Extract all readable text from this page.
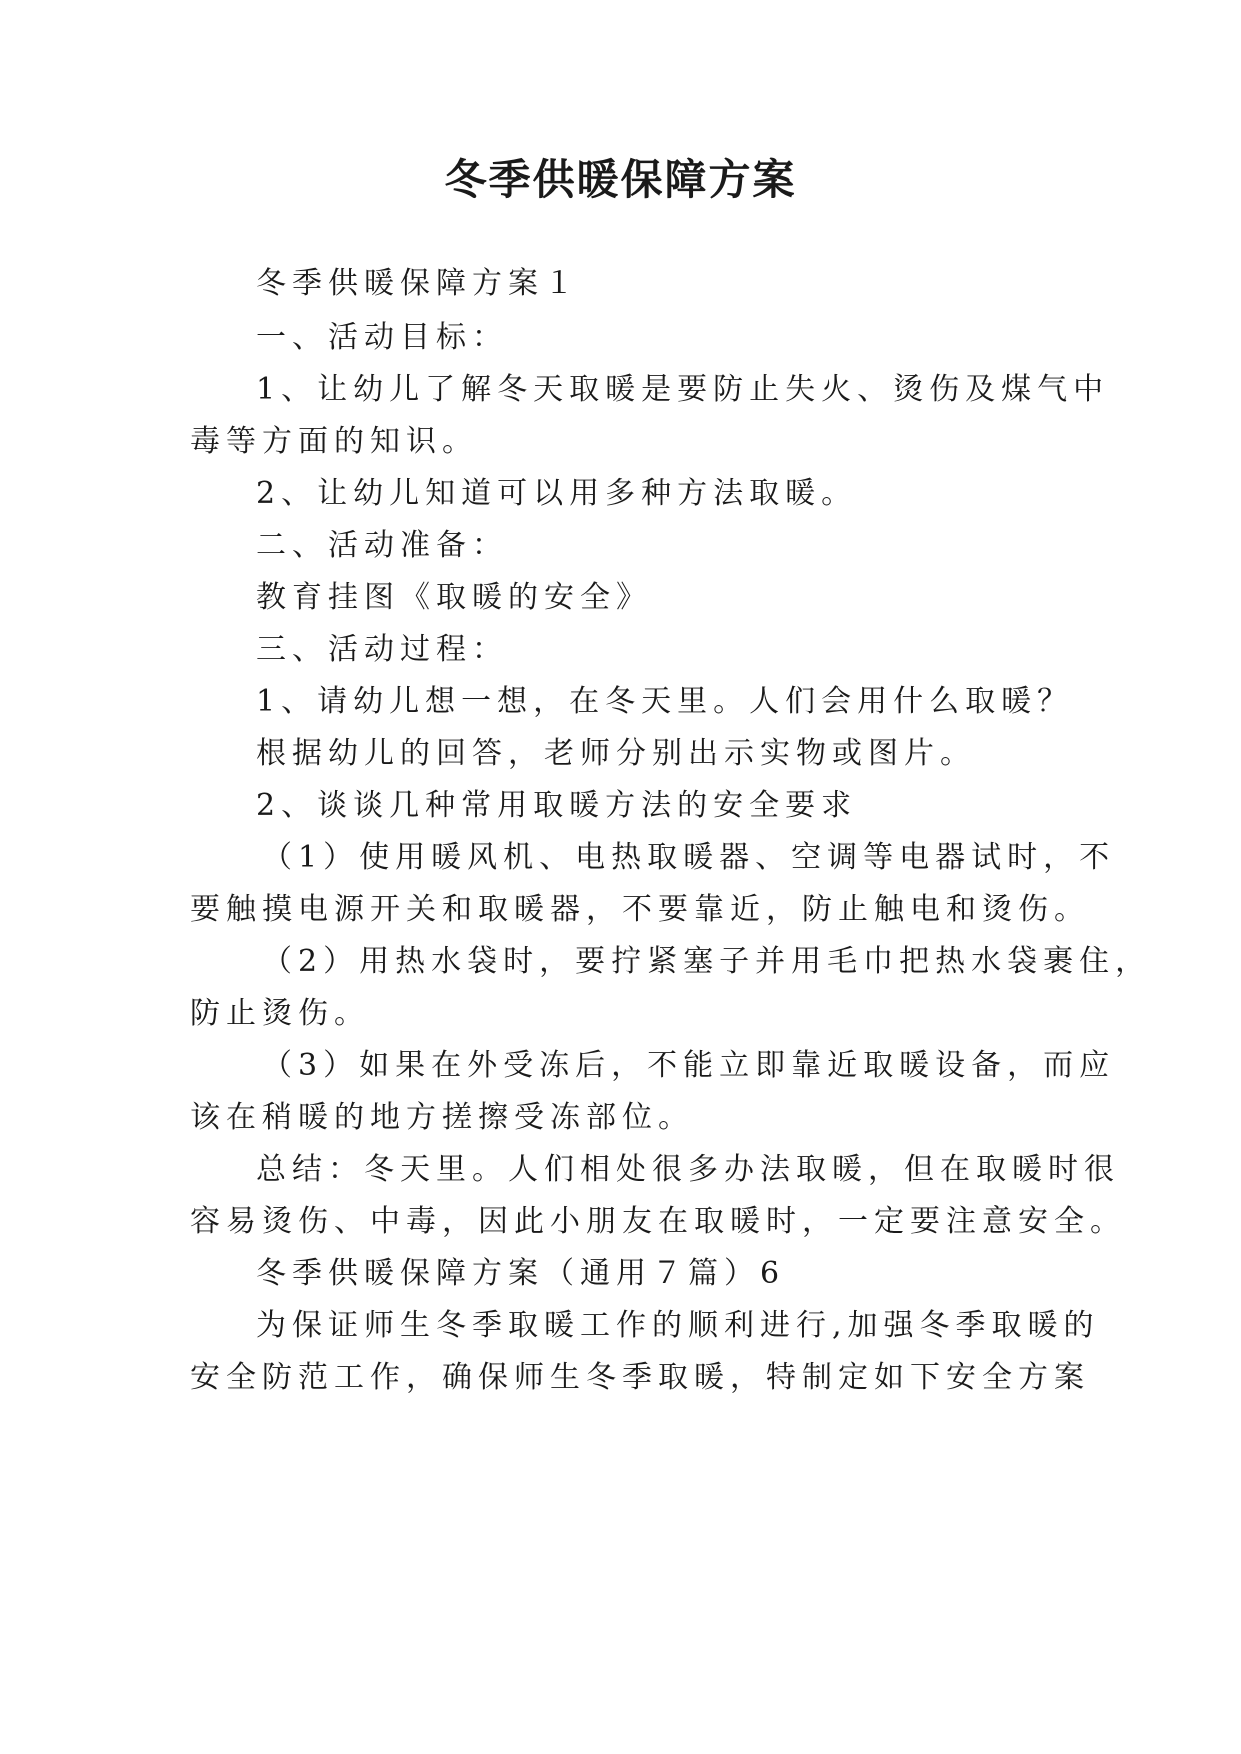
冬季供暖保障方案

冬季供暖保障方案１

一、活动目标：

1、让幼儿了解冬天取暖是要防止失火、烫伤及煤气中

毒等方面的知识。

2、让幼儿知道可以用多种方法取暖。

二、活动准备：

教育挂图《取暖的安全》

三、活动过程：

1、请幼儿想一想，在冬天里。人们会用什么取暖？

根据幼儿的回答，老师分别出示实物或图片。

2、谈谈几种常用取暖方法的安全要求

（1）使用暖风机、电热取暖器、空调等电器试时，不

要触摸电源开关和取暖器，不要靠近，防止触电和烫伤。

（2）用热水袋时，要拧紧塞子并用毛巾把热水袋裹住，

防止烫伤。

（3）如果在外受冻后，不能立即靠近取暖设备，而应

该在稍暖的地方搓擦受冻部位。

总结：冬天里。人们相处很多办法取暖，但在取暖时很

容易烫伤、中毒，因此小朋友在取暖时，一定要注意安全。

冬季供暖保障方案（通用７篇）6

为保证师生冬季取暖工作的顺利进行,加强冬季取暖的

安全防范工作，确保师生冬季取暖，特制定如下安全方案
